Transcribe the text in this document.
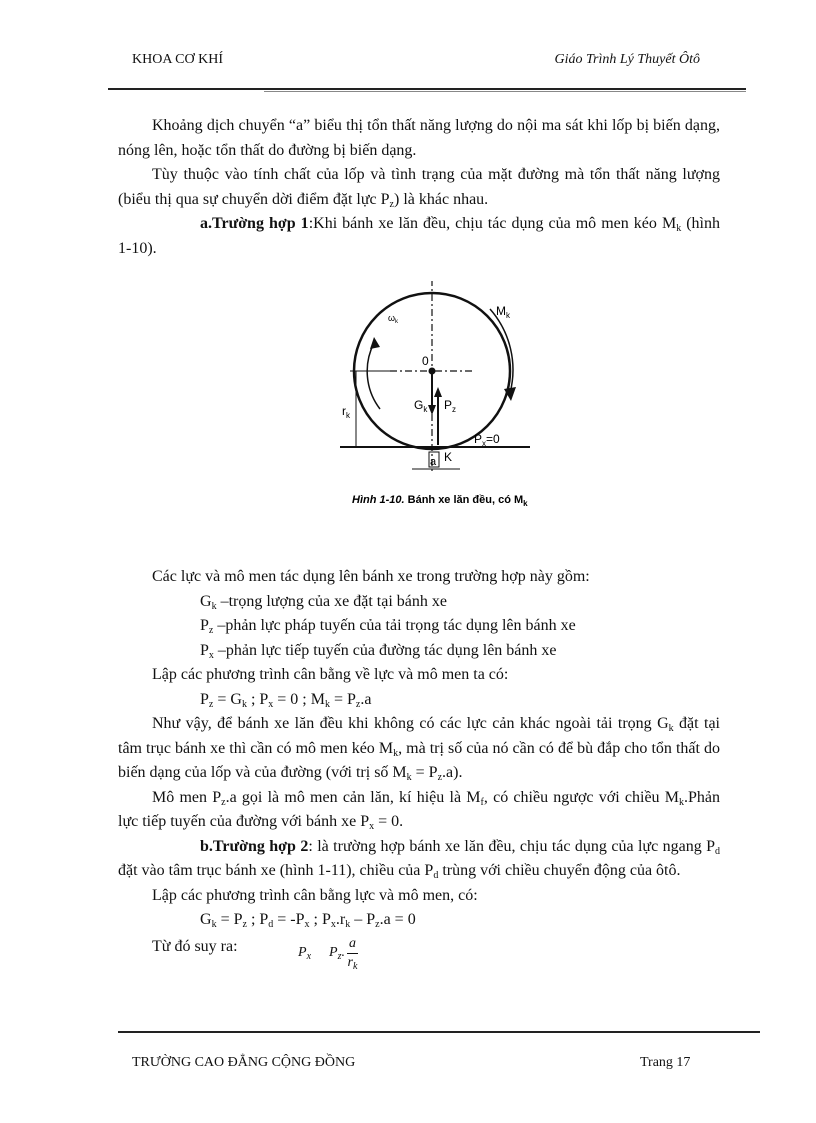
KHOA CƠ KHÍ	Giáo Trình Lý Thuyết Ôtô

Khoảng dịch chuyển “a” biểu thị tổn thất năng lượng do nội ma sát khi lốp bị biến dạng, nóng lên, hoặc tổn thất do đường bị biến dạng.

Tùy thuộc vào tính chất của lốp và tình trạng của mặt đường mà tổn thất năng lượng (biểu thị qua sự chuyển dời điểm đặt lực $P_z$) là khác nhau.

a.Trường hợp 1:Khi bánh xe lăn đều, chịu tác dụng của mô men kéo $M_k$ (hình 1-10).

a
$M_k$
$\omega_k$
0
$r_k$
$G_k$ $P_z$
$P_x=0$
K
Hình 1-10. Bánh xe lăn đều, có $M_k$

Các lực và mô men tác dụng lên bánh xe trong trường hợp này gồm:

$G_k$ –trọng lượng của xe đặt tại bánh xe

$P_z$ –phản lực pháp tuyến của tải trọng tác dụng lên bánh xe

$P_x$ –phản lực tiếp tuyến của đường tác dụng lên bánh xe

Lập các phương trình cân bằng về lực và mô men ta có:

$P_z = G_k$ ; $P_x = 0$ ; $M_k = P_z.a$

Như vậy, để bánh xe lăn đều khi không có các lực cản khác ngoài tải trọng $G_k$ đặt tại tâm trục bánh xe thì cần có mô men kéo $M_k$, mà trị số của nó cần có để bù đắp cho tổn thất do biến dạng của lốp và của đường (với trị số $M_k = P_z.a$).

Mô men $P_z.a$ gọi là mô men cản lăn, kí hiệu là $M_f$, có chiều ngược với chiều $M_k.Phản$ lực tiếp tuyến của đường với bánh xe $P_x = 0$.

b.Trường hợp 2: là trường hợp bánh xe lăn đều, chịu tác dụng của lực ngang $P_d$ đặt vào tâm trục bánh xe (hình 1-11), chiều của $P_d$ trùng với chiều chuyển động của ôtô.

Lập các phương trình cân bằng lực và mô men, có:

$G_k = P_z$ ; $P_d = -P_x$ ; $P_x.r_k - P_z.a = 0$

Từ đó suy ra:	$P_x$ $P_z$. $\frac{a}{r_k}$
TRƯỜNG CAO ĐẲNG CỘNG ĐỒNG	Trang 17
